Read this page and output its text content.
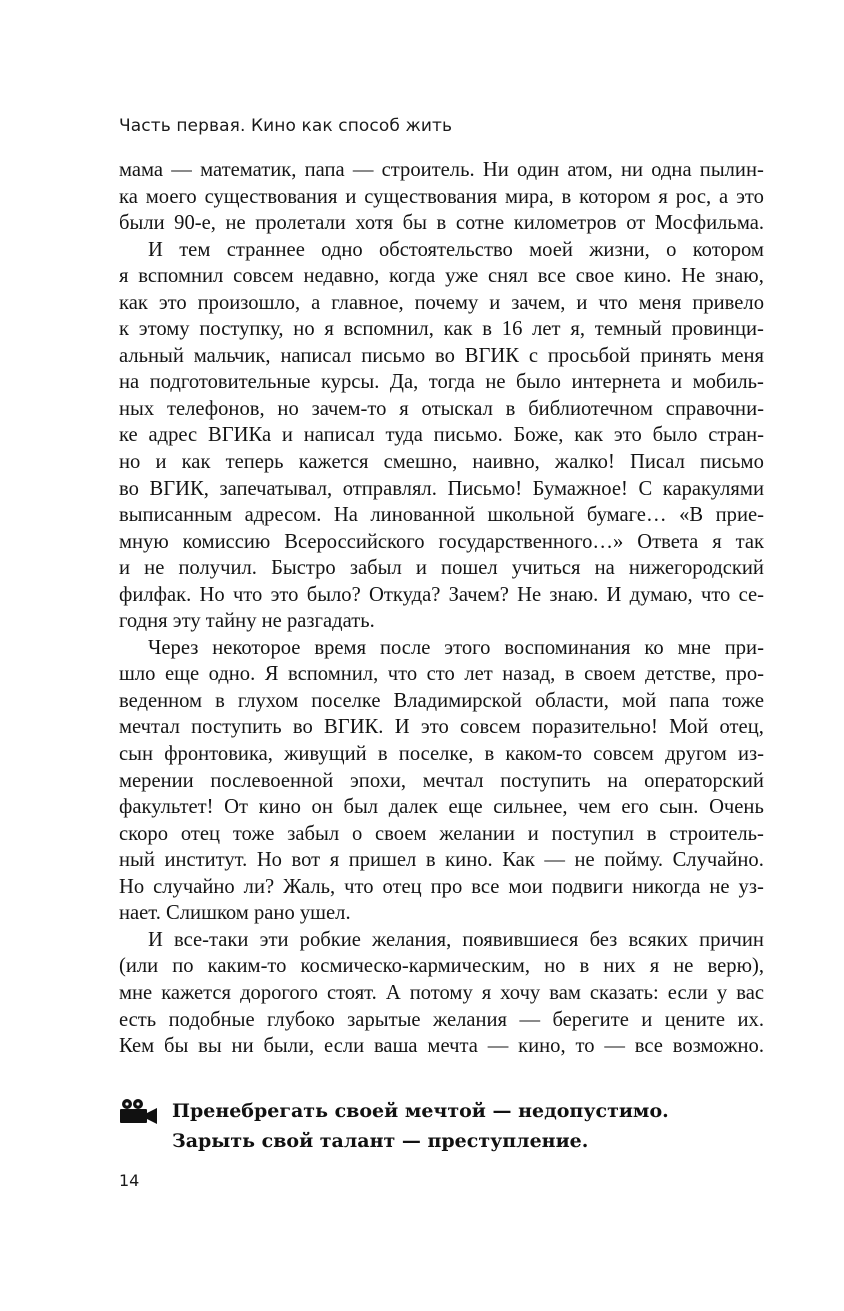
Часть первая. Кино как способ жить
мама — математик, папа — строитель. Ни один атом, ни одна пылин-
ка моего существования и существования мира, в котором я рос, а это
были 90-е, не пролетали хотя бы в сотне километров от Мосфильма.
И тем страннее одно обстоятельство моей жизни, о котором
я вспомнил совсем недавно, когда уже снял все свое кино. Не знаю,
как это произошло, а главное, почему и зачем, и что меня привело
к этому поступку, но я вспомнил, как в 16 лет я, темный провинци-
альный мальчик, написал письмо во ВГИК с просьбой принять меня
на подготовительные курсы. Да, тогда не было интернета и мобиль-
ных телефонов, но зачем-то я отыскал в библиотечном справочни-
ке адрес ВГИКа и написал туда письмо. Боже, как это было стран-
но и как теперь кажется смешно, наивно, жалко! Писал письмо
во ВГИК, запечатывал, отправлял. Письмо! Бумажное! С каракулями
выписанным адресом. На линованной школьной бумаге… «В прие-
мную комиссию Всероссийского государственного…» Ответа я так
и не получил. Быстро забыл и пошел учиться на нижегородский
филфак. Но что это было? Откуда? Зачем? Не знаю. И думаю, что се-
годня эту тайну не разгадать.
Через некоторое время после этого воспоминания ко мне при-
шло еще одно. Я вспомнил, что сто лет назад, в своем детстве, про-
веденном в глухом поселке Владимирской области, мой папа тоже
мечтал поступить во ВГИК. И это совсем поразительно! Мой отец,
сын фронтовика, живущий в поселке, в каком-то совсем другом из-
мерении послевоенной эпохи, мечтал поступить на операторский
факультет! От кино он был далек еще сильнее, чем его сын. Очень
скоро отец тоже забыл о своем желании и поступил в строитель-
ный институт. Но вот я пришел в кино. Как — не пойму. Случайно.
Но случайно ли? Жаль, что отец про все мои подвиги никогда не уз-
нает. Слишком рано ушел.
И все-таки эти робкие желания, появившиеся без всяких причин
(или по каким-то космическо-кармическим, но в них я не верю),
мне кажется дорогого стоят. А потому я хочу вам сказать: если у вас
есть подобные глубоко зарытые желания — берегите и цените их.
Кем бы вы ни были, если ваша мечта — кино, то — все возможно.
Пренебрегать своей мечтой — недопустимо.
Зарыть свой талант — преступление.
14
